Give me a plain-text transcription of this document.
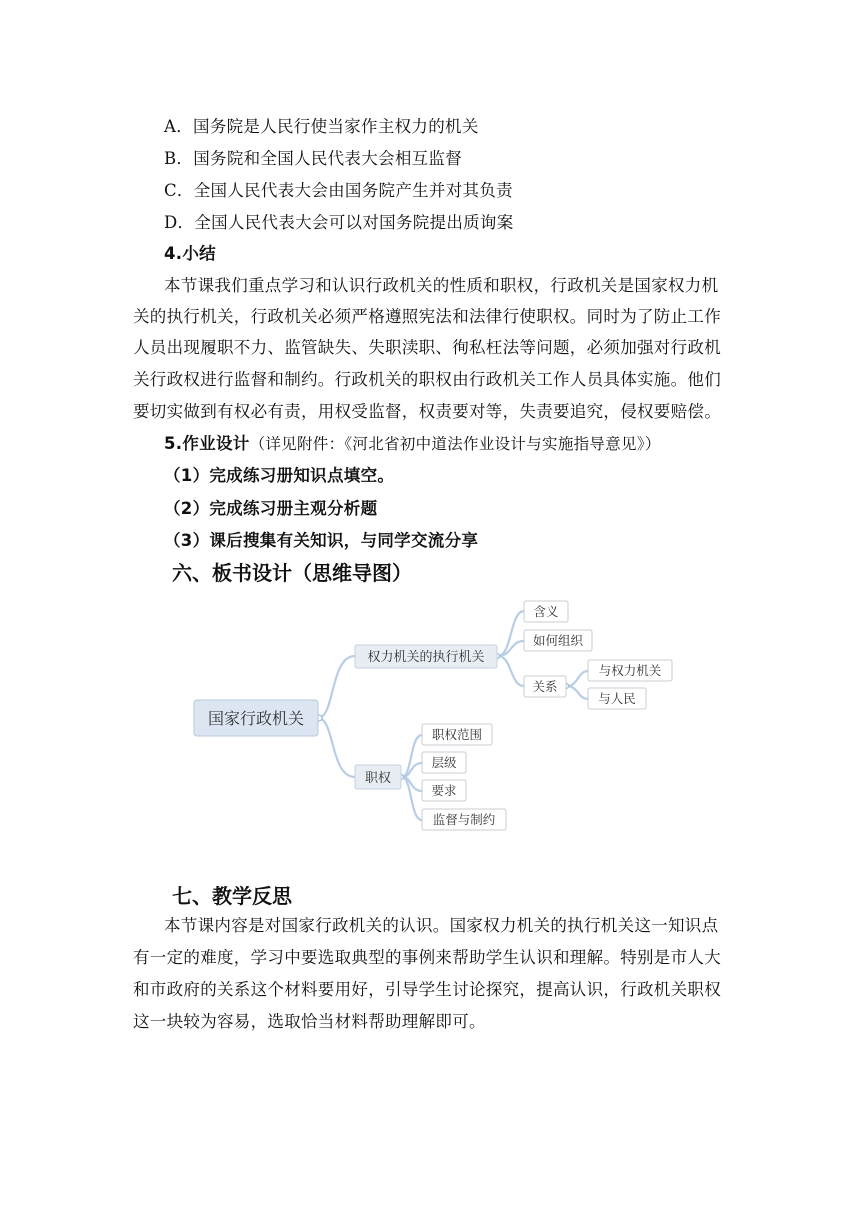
A．国务院是人民行使当家作主权力的机关
B．国务院和全国人民代表大会相互监督
C．全国人民代表大会由国务院产生并对其负责
D．全国人民代表大会可以对国务院提出质询案
4.小结
本节课我们重点学习和认识行政机关的性质和职权，行政机关是国家权力机
关的执行机关，行政机关必须严格遵照宪法和法律行使职权。同时为了防止工作
人员出现履职不力、监管缺失、失职渎职、徇私枉法等问题，必须加强对行政机
关行政权进行监督和制约。行政机关的职权由行政机关工作人员具体实施。他们
要切实做到有权必有责，用权受监督，权责要对等，失责要追究，侵权要赔偿。
5.作业设计（详见附件：《河北省初中道法作业设计与实施指导意见》）
（1）完成练习册知识点填空。
（2）完成练习册主观分析题
（3）课后搜集有关知识，与同学交流分享
六、板书设计（思维导图）
国家行政机关
权力机关的执行机关
含义
如何组织
关系
与权力机关
与人民
职权
职权范围
层级
要求
监督与制约
七、教学反思
本节课内容是对国家行政机关的认识。国家权力机关的执行机关这一知识点
有一定的难度，学习中要选取典型的事例来帮助学生认识和理解。特别是市人大
和市政府的关系这个材料要用好，引导学生讨论探究，提高认识，行政机关职权
这一块较为容易，选取恰当材料帮助理解即可。
